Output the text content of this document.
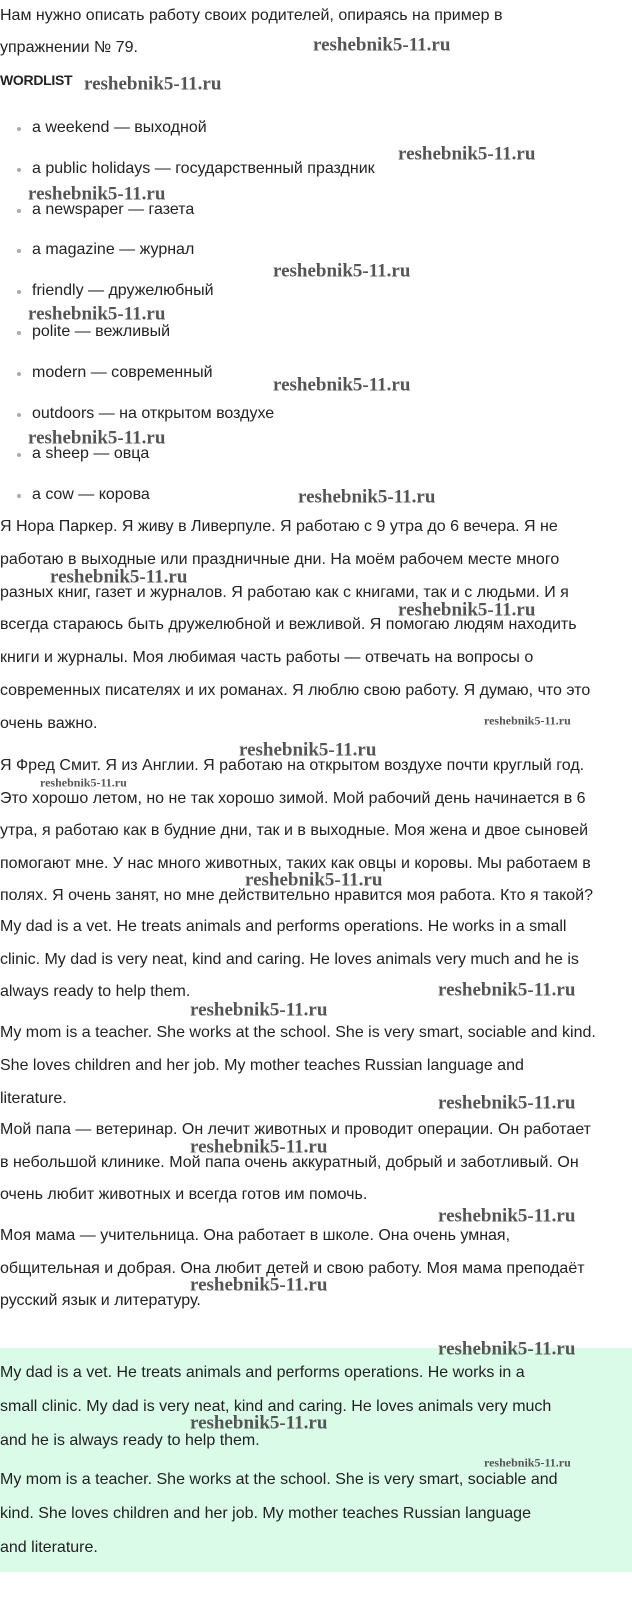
Нам нужно описать работу своих родителей, опираясь на пример в
упражнении № 79.
WORDLIST
a weekend — выходной
a public holidays — государственный праздник
a newspaper — газета
a magazine — журнал
friendly — дружелюбный
polite — вежливый
modern — современный
outdoors — на открытом воздухе
a sheep — овца
a cow — корова
Я Нора Паркер. Я живу в Ливерпуле. Я работаю с 9 утра до 6 вечера. Я не
работаю в выходные или праздничные дни. На моём рабочем месте много
разных книг, газет и журналов. Я работаю как с книгами, так и с людьми. И я
всегда стараюсь быть дружелюбной и вежливой. Я помогаю людям находить
книги и журналы. Моя любимая часть работы — отвечать на вопросы о
современных писателях и их романах. Я люблю свою работу. Я думаю, что это
очень важно.
Я Фред Смит. Я из Англии. Я работаю на открытом воздухе почти круглый год.
Это хорошо летом, но не так хорошо зимой. Мой рабочий день начинается в 6
утра, я работаю как в будние дни, так и в выходные. Моя жена и двое сыновей
помогают мне. У нас много животных, таких как овцы и коровы. Мы работаем в
полях. Я очень занят, но мне действительно нравится моя работа. Кто я такой?
My dad is a vet. He treats animals and performs operations. He works in a small
clinic. My dad is very neat, kind and caring. He loves animals very much and he is
always ready to help them.
My mom is a teacher. She works at the school. She is very smart, sociable and kind.
She loves children and her job. My mother teaches Russian language and
literature.
Мой папа — ветеринар. Он лечит животных и проводит операции. Он работает
в небольшой клинике. Мой папа очень аккуратный, добрый и заботливый. Он
очень любит животных и всегда готов им помочь.
Моя мама — учительница. Она работает в школе. Она очень умная,
общительная и добрая. Она любит детей и свою работу. Моя мама преподаёт
русский язык и литературу.
My dad is a vet. He treats animals and performs operations. He works in a
small clinic. My dad is very neat, kind and caring. He loves animals very much
and he is always ready to help them.
My mom is a teacher. She works at the school. She is very smart, sociable and
kind. She loves children and her job. My mother teaches Russian language
and literature.
reshebnik5-11.ru
reshebnik5-11.ru
reshebnik5-11.ru
reshebnik5-11.ru
reshebnik5-11.ru
reshebnik5-11.ru
reshebnik5-11.ru
reshebnik5-11.ru
reshebnik5-11.ru
reshebnik5-11.ru
reshebnik5-11.ru
reshebnik5-11.ru
reshebnik5-11.ru
reshebnik5-11.ru
reshebnik5-11.ru
reshebnik5-11.ru
reshebnik5-11.ru
reshebnik5-11.ru
reshebnik5-11.ru
reshebnik5-11.ru
reshebnik5-11.ru
reshebnik5-11.ru
reshebnik5-11.ru
reshebnik5-11.ru
